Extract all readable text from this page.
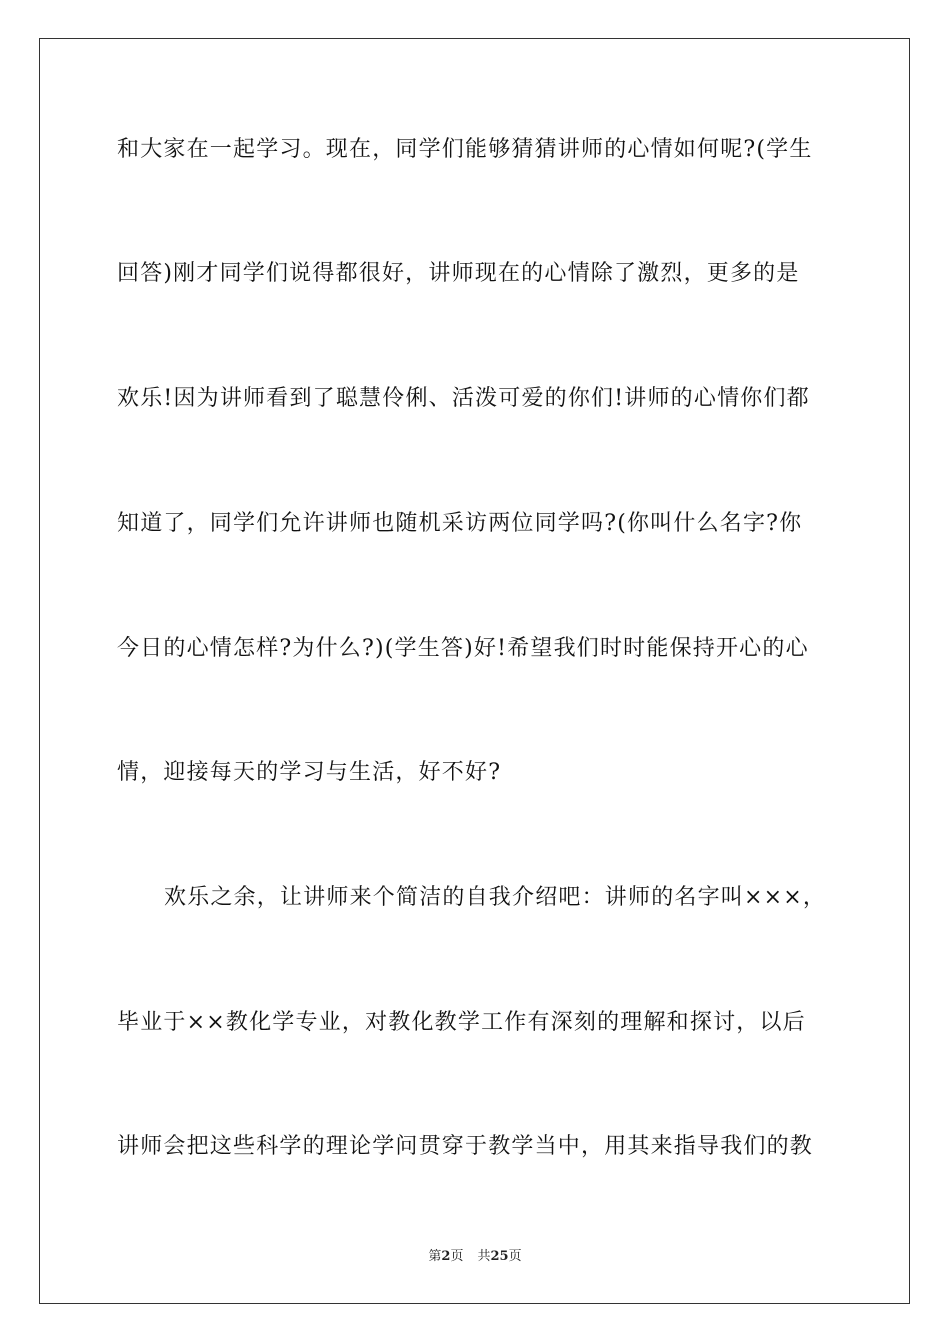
和大家在一起学习。现在，同学们能够猜猜讲师的心情如何呢?(学生
回答)刚才同学们说得都很好，讲师现在的心情除了激烈，更多的是
欢乐!因为讲师看到了聪慧伶俐、活泼可爱的你们!讲师的心情你们都
知道了，同学们允许讲师也随机采访两位同学吗?(你叫什么名字?你
今日的心情怎样?为什么?)(学生答)好!希望我们时时能保持开心的心
情，迎接每天的学习与生活，好不好?
欢乐之余，让讲师来个简洁的自我介绍吧：讲师的名字叫×××，
毕业于××教化学专业，对教化教学工作有深刻的理解和探讨，以后
讲师会把这些科学的理论学问贯穿于教学当中，用其来指导我们的教
第2页 共25页
